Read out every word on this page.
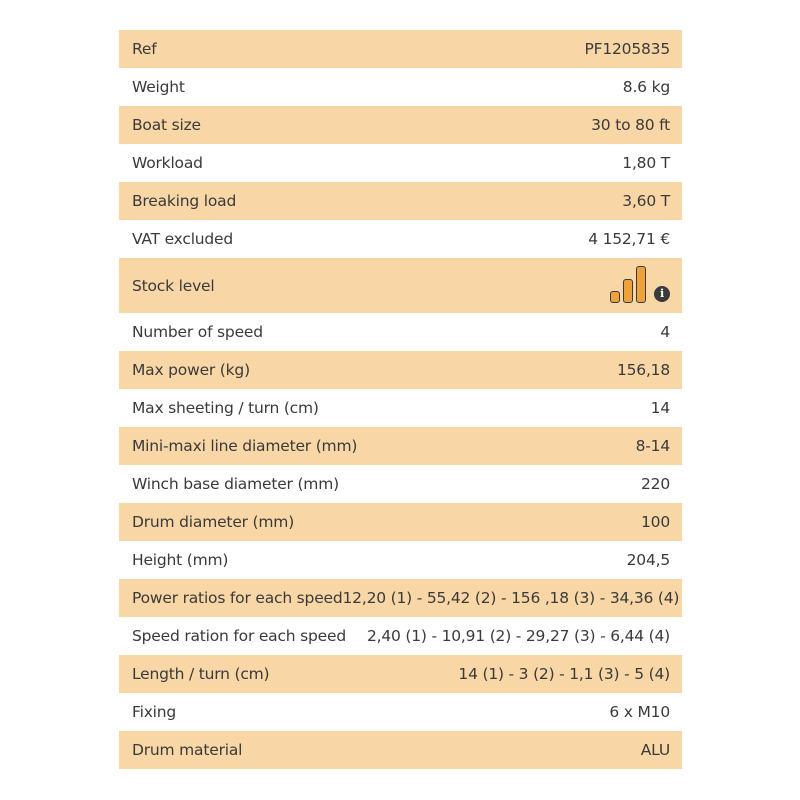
Ref	PF1205835
Weight	8.6 kg
Boat size	30 to 80 ft
Workload	1,80 T
Breaking load	3,60 T
VAT excluded	4 152,71 €
Stock level	i
Number of speed	4
Max power (kg)	156,18
Max sheeting / turn (cm)	14
Mini-maxi line diameter (mm)	8-14
Winch base diameter (mm)	220
Drum diameter (mm)	100
Height (mm)	204,5
Power ratios for each speed 12,20 (1) - 55,42 (2) - 156 ,18 (3) - 34,36 (4)
Speed ration for each speed 2,40 (1) - 10,91 (2) - 29,27 (3) - 6,44 (4)
Length / turn (cm)	14 (1) - 3 (2) - 1,1 (3) - 5 (4)
Fixing	6 x M10
Drum material	ALU
